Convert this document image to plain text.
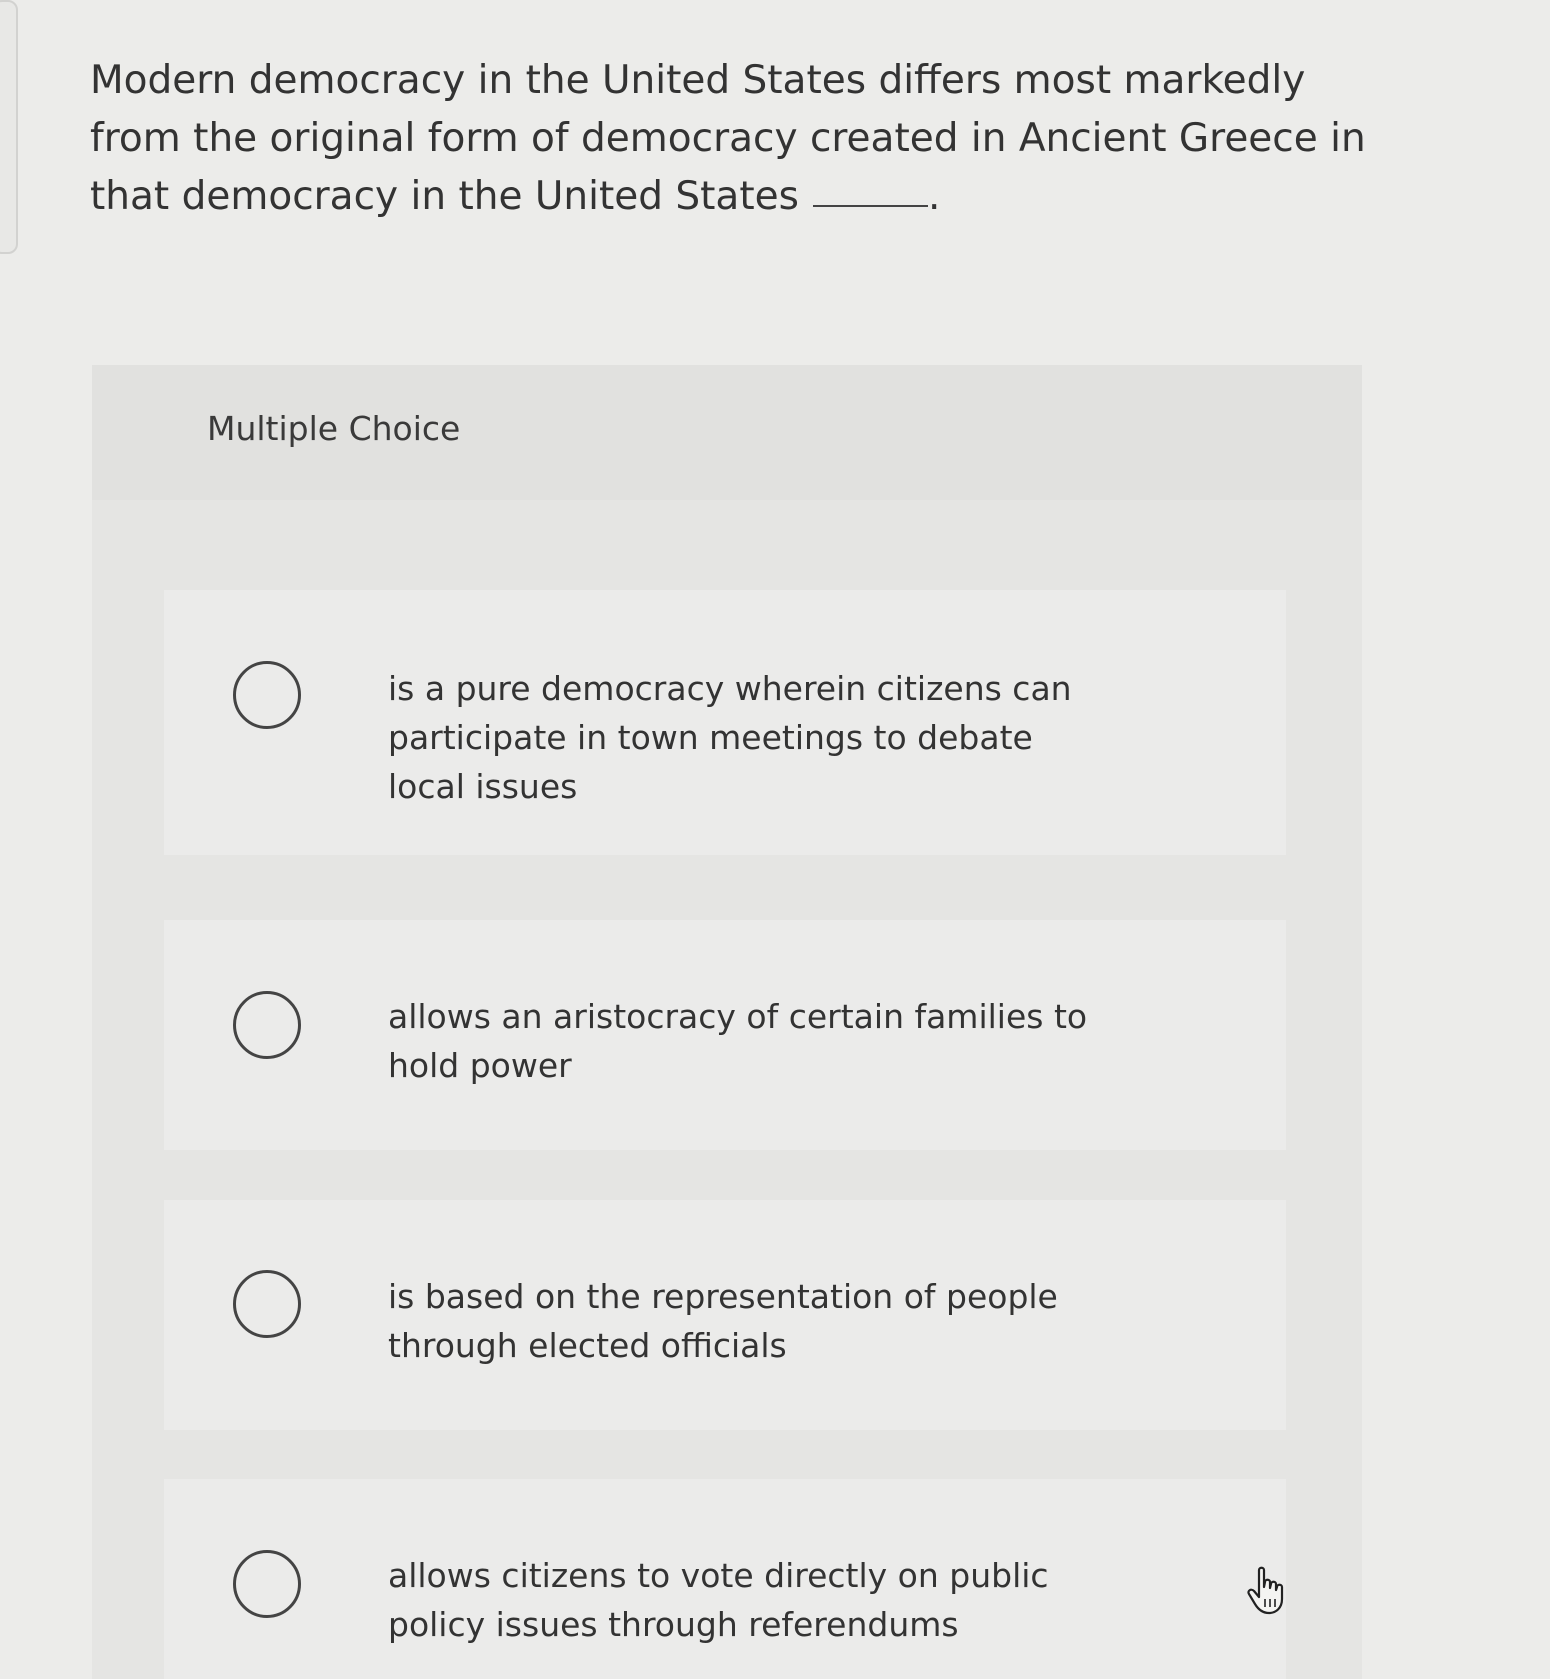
Modern democracy in the United States differs most markedly from the original form of democracy created in Ancient Greece in that democracy in the United States	.
Multiple Choice
is a pure democracy wherein citizens can participate in town meetings to debate local issues
allows an aristocracy of certain families to hold power
is based on the representation of people through elected officials
allows citizens to vote directly on public policy issues through referendums
